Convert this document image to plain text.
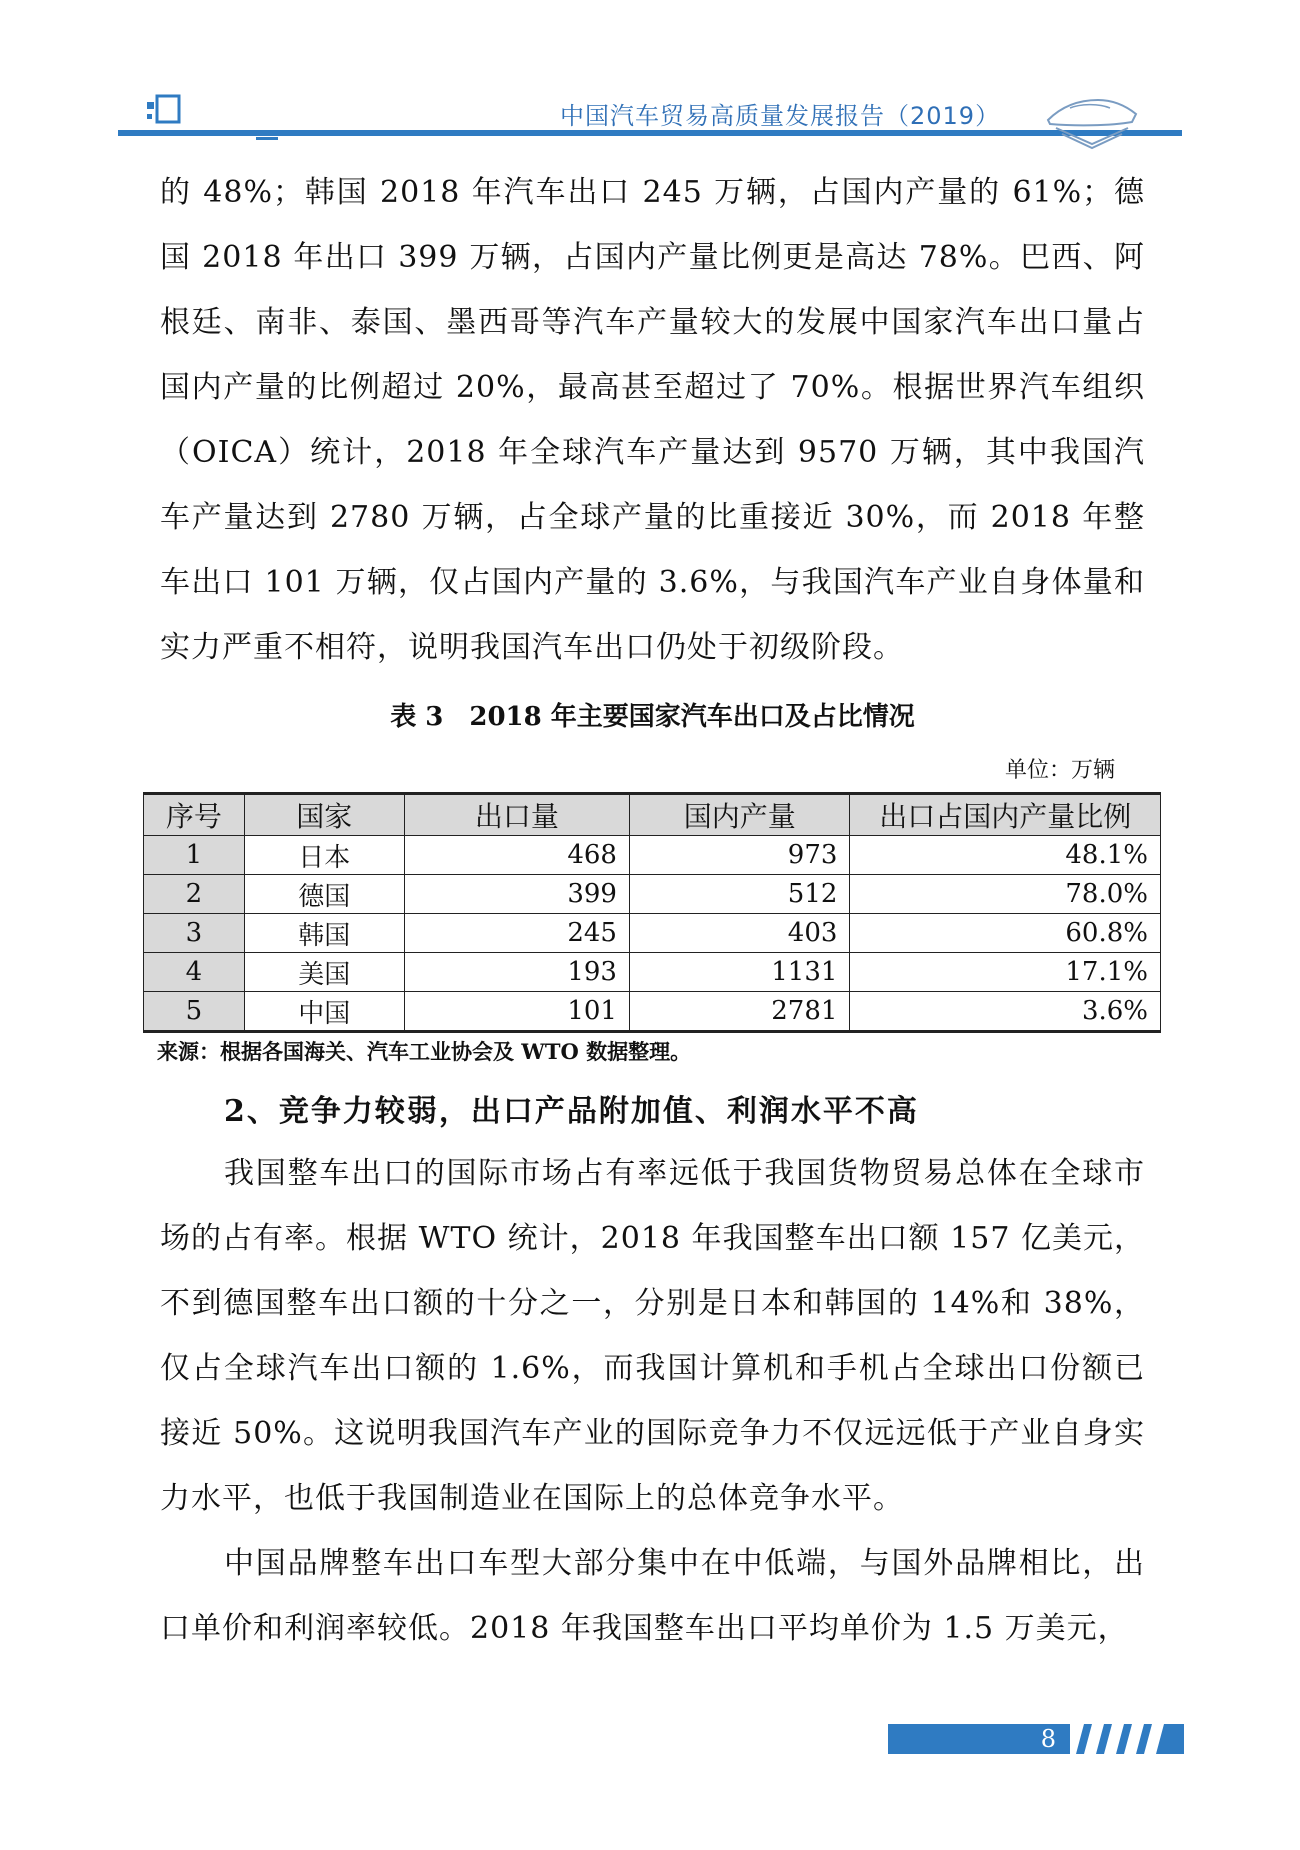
中国汽车贸易高质量发展报告（2019）

的 48%；韩国 2018 年汽车出口 245 万辆，占国内产量的 61%；德国 2018 年出口 399 万辆，占国内产量比例更是高达 78%。巴西、阿根廷、南非、泰国、墨西哥等汽车产量较大的发展中国家汽车出口量占国内产量的比例超过 20%，最高甚至超过了 70%。根据世界汽车组织（OICA）统计，2018 年全球汽车产量达到 9570 万辆，其中我国汽车产量达到 2780 万辆，占全球产量的比重接近 30%，而 2018 年整车出口 101 万辆，仅占国内产量的 3.6%，与我国汽车产业自身体量和实力严重不相符，说明我国汽车出口仍处于初级阶段。

表 3　2018 年主要国家汽车出口及占比情况
单位：万辆
序号	国家	出口量	国内产量	出口占国内产量比例
1	日本	468	973	48.1%
2	德国	399	512	78.0%
3	韩国	245	403	60.8%
4	美国	193	1131	17.1%
5	中国	101	2781	3.6%
来源：根据各国海关、汽车工业协会及 WTO 数据整理。
2、竞争力较弱，出口产品附加值、利润水平不高

我国整车出口的国际市场占有率远低于我国货物贸易总体在全球市场的占有率。根据 WTO 统计，2018 年我国整车出口额 157 亿美元，不到德国整车出口额的十分之一，分别是日本和韩国的 14%和 38%，仅占全球汽车出口额的 1.6%，而我国计算机和手机占全球出口份额已接近 50%。这说明我国汽车产业的国际竞争力不仅远远低于产业自身实力水平，也低于我国制造业在国际上的总体竞争水平。

中国品牌整车出口车型大部分集中在中低端，与国外品牌相比，出口单价和利润率较低。2018 年我国整车出口平均单价为 1.5 万美元，

8
